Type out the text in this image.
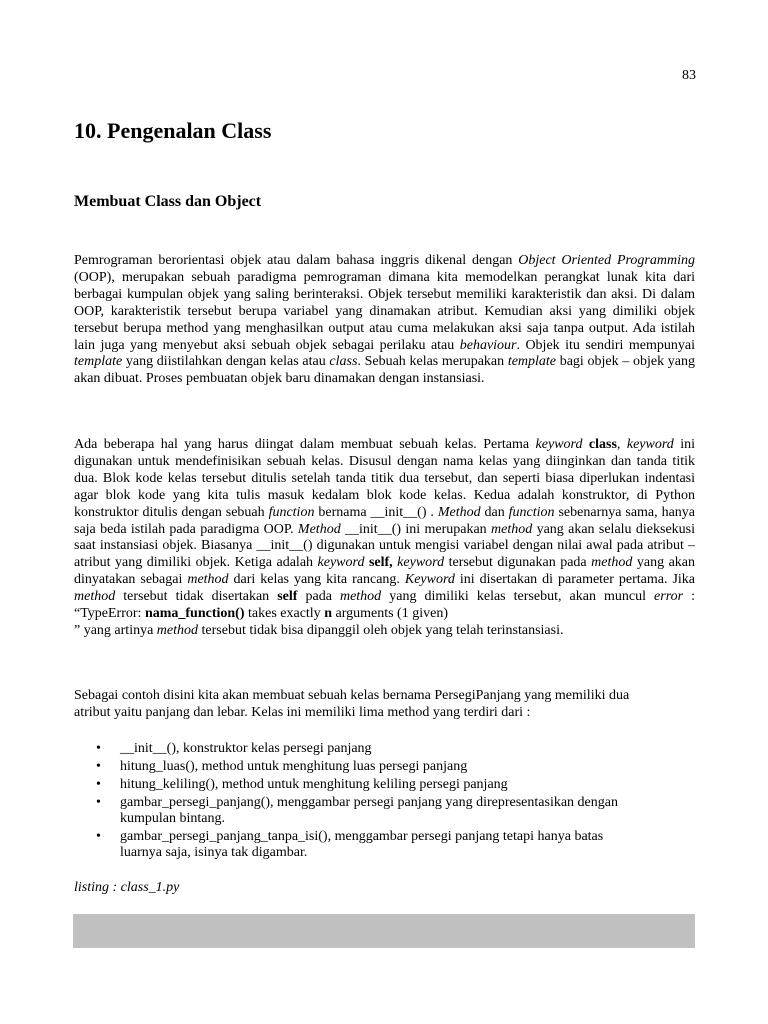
83
10. Pengenalan Class
Membuat Class dan Object

Pemrograman berorientasi objek atau dalam bahasa inggris dikenal dengan Object Oriented Programming (OOP), merupakan sebuah paradigma pemrograman dimana kita memodelkan perangkat lunak kita dari berbagai kumpulan objek yang saling berinteraksi. Objek tersebut memiliki karakteristik dan aksi. Di dalam OOP, karakteristik tersebut berupa variabel yang dinamakan atribut. Kemudian aksi yang dimiliki objek tersebut berupa method yang menghasilkan output atau cuma melakukan aksi saja tanpa output. Ada istilah lain juga yang menyebut aksi sebuah objek sebagai perilaku atau behaviour. Objek itu sendiri mempunyai template yang diistilahkan dengan kelas atau class. Sebuah kelas merupakan template bagi objek – objek yang akan dibuat. Proses pembuatan objek baru dinamakan dengan instansiasi.

Ada beberapa hal yang harus diingat dalam membuat sebuah kelas. Pertama keyword class, keyword ini digunakan untuk mendefinisikan sebuah kelas. Disusul dengan nama kelas yang diinginkan dan tanda titik dua. Blok kode kelas tersebut ditulis setelah tanda titik dua tersebut, dan seperti biasa diperlukan indentasi agar blok kode yang kita tulis masuk kedalam blok kode kelas. Kedua adalah konstruktor, di Python konstruktor ditulis dengan sebuah function bernama __init__() . Method dan function sebenarnya sama, hanya saja beda istilah pada paradigma OOP. Method __init__() ini merupakan method yang akan selalu dieksekusi saat instansiasi objek. Biasanya __init__() digunakan untuk mengisi variabel dengan nilai awal pada atribut – atribut yang dimiliki objek. Ketiga adalah keyword self, keyword tersebut digunakan pada method yang akan dinyatakan sebagai method dari kelas yang kita rancang. Keyword ini disertakan di parameter pertama. Jika method tersebut tidak disertakan self pada method yang dimiliki kelas tersebut, akan muncul error : “TypeError: nama_function() takes exactly n arguments (1 given)
” yang artinya method tersebut tidak bisa dipanggil oleh objek yang telah terinstansiasi.

Sebagai contoh disini kita akan membuat sebuah kelas bernama PersegiPanjang yang memiliki dua
atribut yaitu panjang dan lebar. Kelas ini memiliki lima method yang terdiri dari :

• __init__(), konstruktor kelas persegi panjang
• hitung_luas(), method untuk menghitung luas persegi panjang
• hitung_keliling(), method untuk menghitung keliling persegi panjang
• gambar_persegi_panjang(), menggambar persegi panjang yang direpresentasikan dengan
kumpulan bintang.
• gambar_persegi_panjang_tanpa_isi(), menggambar persegi panjang tetapi hanya batas
luarnya saja, isinya tak digambar.

listing : class_1.py
